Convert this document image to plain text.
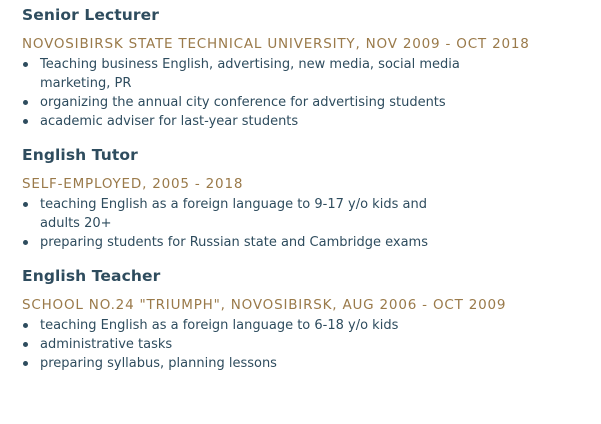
Senior Lecturer
NOVOSIBIRSK STATE TECHNICAL UNIVERSITY, NOV 2009 - OCT 2018
Teaching business English, advertising, new media, social media marketing, PR
organizing the annual city conference for advertising students
academic adviser for last-year students
English Tutor
SELF-EMPLOYED, 2005 - 2018
teaching English as a foreign language to 9-17 y/o kids and adults 20+
preparing students for Russian state and Cambridge exams
English Teacher
SCHOOL NO.24 "TRIUMPH", NOVOSIBIRSK, AUG 2006 - OCT 2009
teaching English as a foreign language to 6-18 y/o kids
administrative tasks
preparing syllabus, planning lessons
